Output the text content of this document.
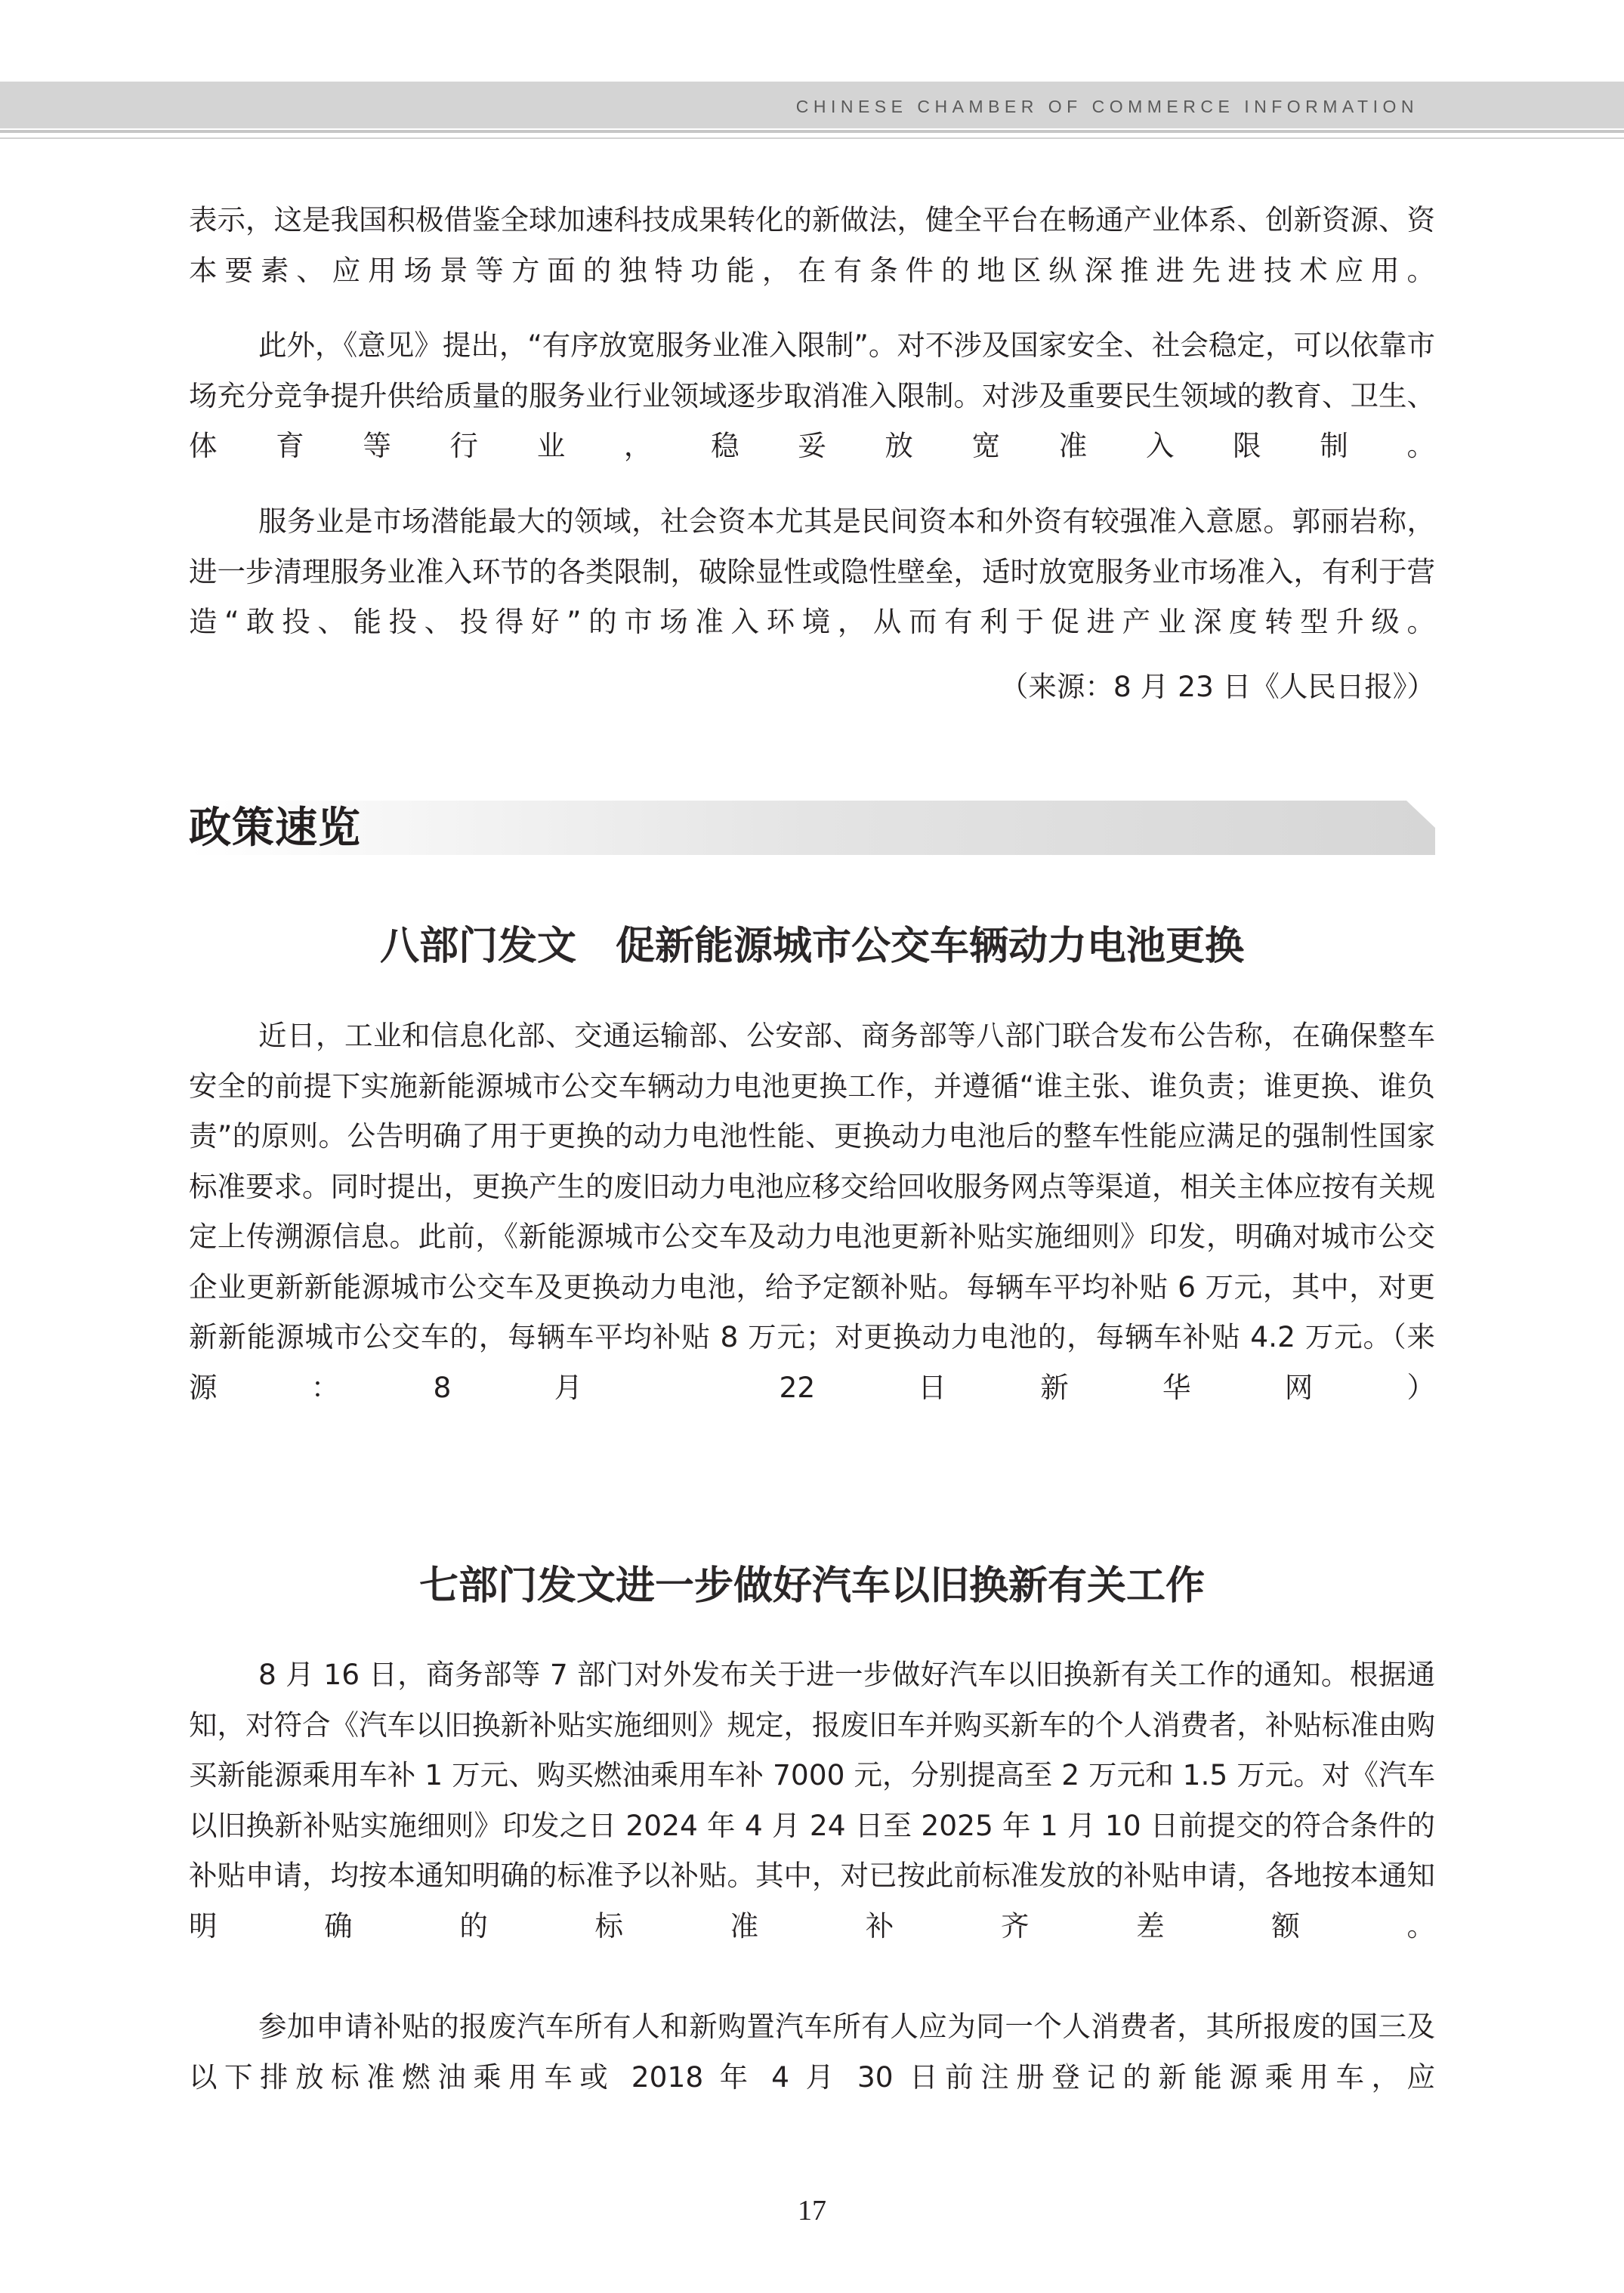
CHINESE CHAMBER OF COMMERCE INFORMATION

表示，这是我国积极借鉴全球加速科技成果转化的新做法，健全平台在畅通产业体系、创新资源、资本要素、应用场景等方面的独特功能，在有条件的地区纵深推进先进技术应用。

此外，《意见》提出，“有序放宽服务业准入限制”。对不涉及国家安全、社会稳定，可以依靠市场充分竞争提升供给质量的服务业行业领域逐步取消准入限制。对涉及重要民生领域的教育、卫生、体育等行业，稳妥放宽准入限制。

服务业是市场潜能最大的领域，社会资本尤其是民间资本和外资有较强准入意愿。郭丽岩称，进一步清理服务业准入环节的各类限制，破除显性或隐性壁垒，适时放宽服务业市场准入，有利于营造“敢投、能投、投得好”的市场准入环境，从而有利于促进产业深度转型升级。

（来源：8 月 23 日《人民日报》）
八部门发文　促新能源城市公交车辆动力电池更换

近日，工业和信息化部、交通运输部、公安部、商务部等八部门联合发布公告称，在确保整车安全的前提下实施新能源城市公交车辆动力电池更换工作，并遵循“谁主张、谁负责；谁更换、谁负责”的原则。公告明确了用于更换的动力电池性能、更换动力电池后的整车性能应满足的强制性国家标准要求。同时提出，更换产生的废旧动力电池应移交给回收服务网点等渠道，相关主体应按有关规定上传溯源信息。此前，《新能源城市公交车及动力电池更新补贴实施细则》印发，明确对城市公交企业更新新能源城市公交车及更换动力电池，给予定额补贴。每辆车平均补贴 6 万元，其中，对更新新能源城市公交车的，每辆车平均补贴 8 万元；对更换动力电池的，每辆车补贴 4.2 万元。（来源：8 月 22 日新华网）

七部门发文进一步做好汽车以旧换新有关工作

8 月 16 日，商务部等 7 部门对外发布关于进一步做好汽车以旧换新有关工作的通知。根据通知，对符合《汽车以旧换新补贴实施细则》规定，报废旧车并购买新车的个人消费者，补贴标准由购买新能源乘用车补 1 万元、购买燃油乘用车补 7000 元，分别提高至 2 万元和 1.5 万元。对《汽车以旧换新补贴实施细则》印发之日 2024 年 4 月 24 日至 2025 年 1 月 10 日前提交的符合条件的补贴申请，均按本通知明确的标准予以补贴。其中，对已按此前标准发放的补贴申请，各地按本通知明确的标准补齐差额。

参加申请补贴的报废汽车所有人和新购置汽车所有人应为同一个人消费者，其所报废的国三及以下排放标准燃油乘用车或 2018 年 4 月 30 日前注册登记的新能源乘用车，应

政策速览
17
